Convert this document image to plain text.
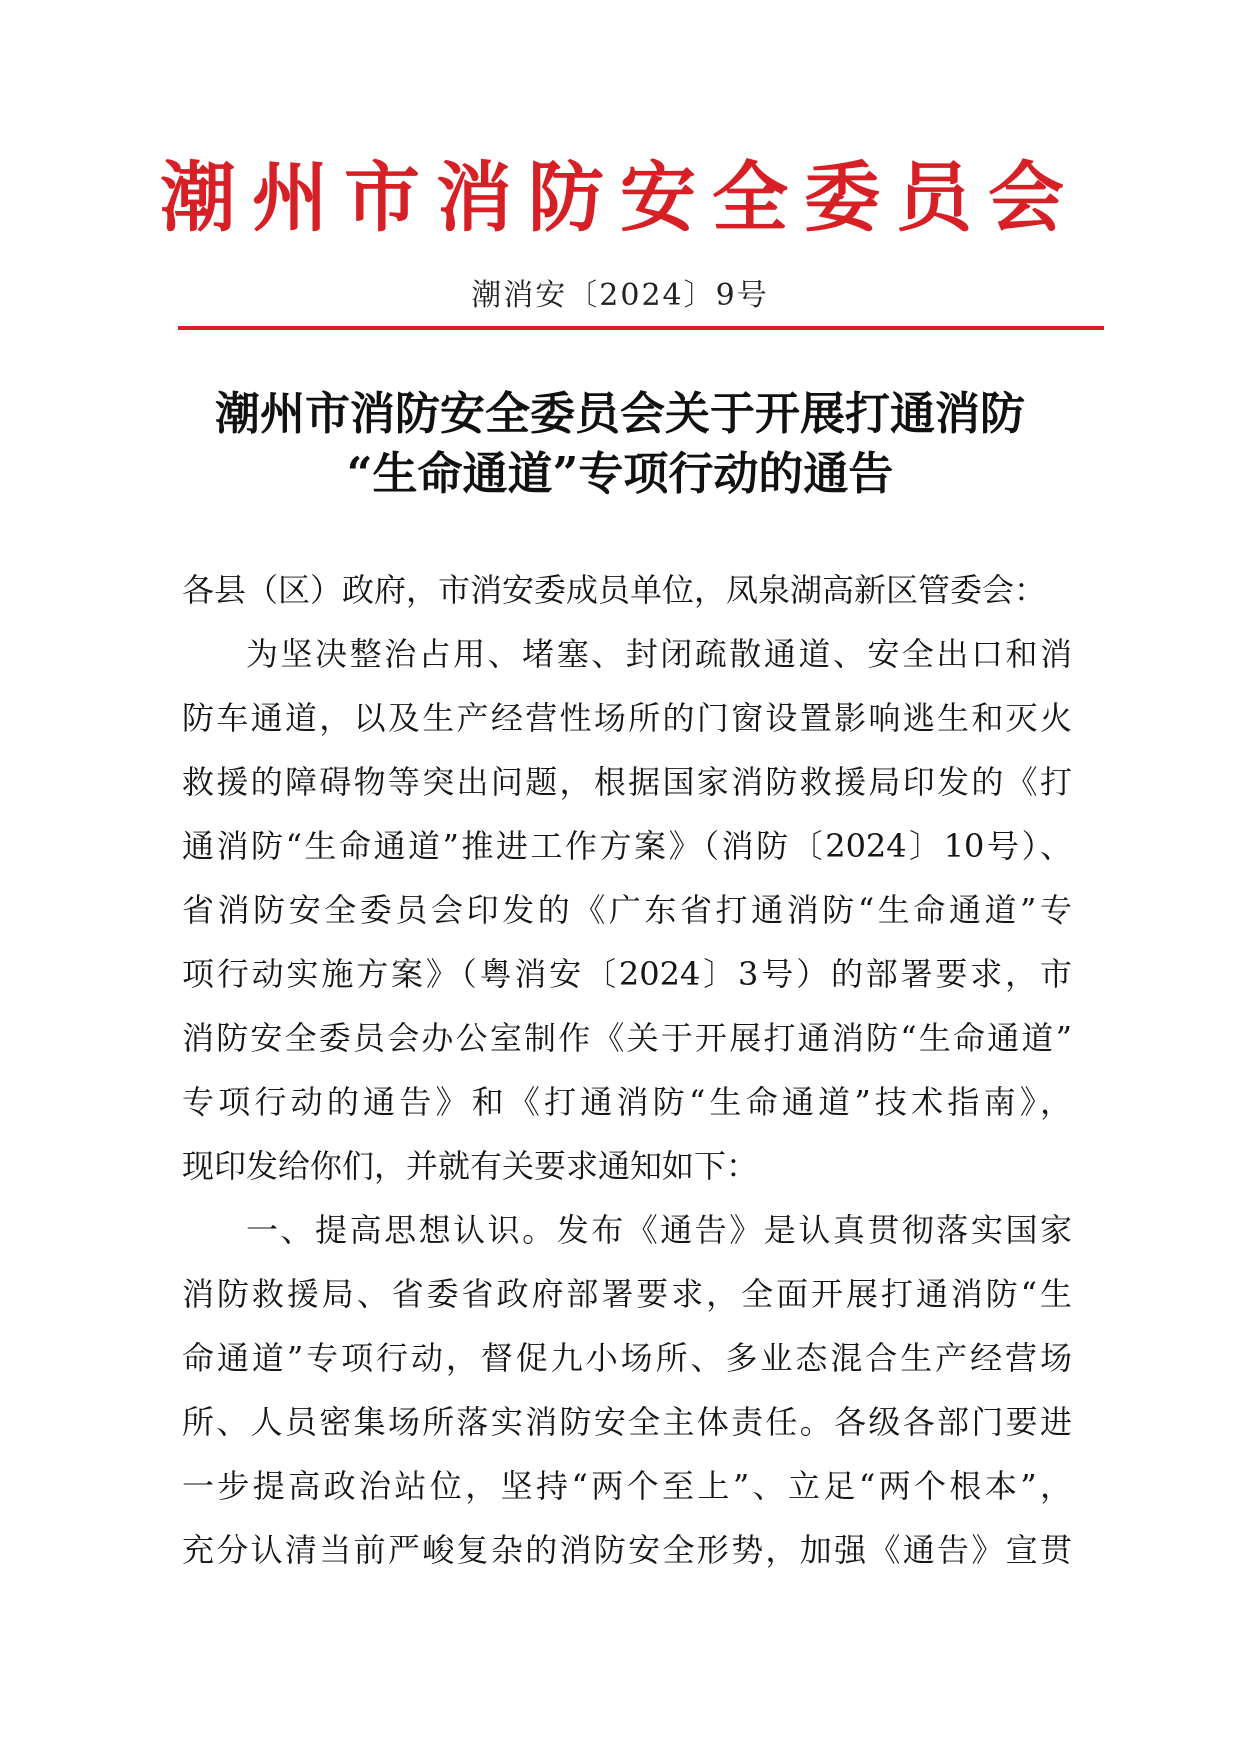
潮州市消防安全委员会
潮消安〔2024〕9号
潮州市消防安全委员会关于开展打通消防
“生命通道”专项行动的通告
各县（区）政府，市消安委成员单位，凤泉湖高新区管委会：
为坚决整治占用、堵塞、封闭疏散通道、安全出口和消
防车通道，以及生产经营性场所的门窗设置影响逃生和灭火
救援的障碍物等突出问题，根据国家消防救援局印发的《打
通消防“生命通道”推进工作方案》（消防〔2024〕10号）、
省消防安全委员会印发的《广东省打通消防“生命通道”专
项行动实施方案》（粤消安〔2024〕3号）的部署要求，市
消防安全委员会办公室制作《关于开展打通消防“生命通道”
专项行动的通告》和《打通消防“生命通道”技术指南》，
现印发给你们，并就有关要求通知如下：
一、提高思想认识。发布《通告》是认真贯彻落实国家
消防救援局、省委省政府部署要求，全面开展打通消防“生
命通道”专项行动，督促九小场所、多业态混合生产经营场
所、人员密集场所落实消防安全主体责任。各级各部门要进
一步提高政治站位，坚持“两个至上”、立足“两个根本”，
充分认清当前严峻复杂的消防安全形势，加强《通告》宣贯
